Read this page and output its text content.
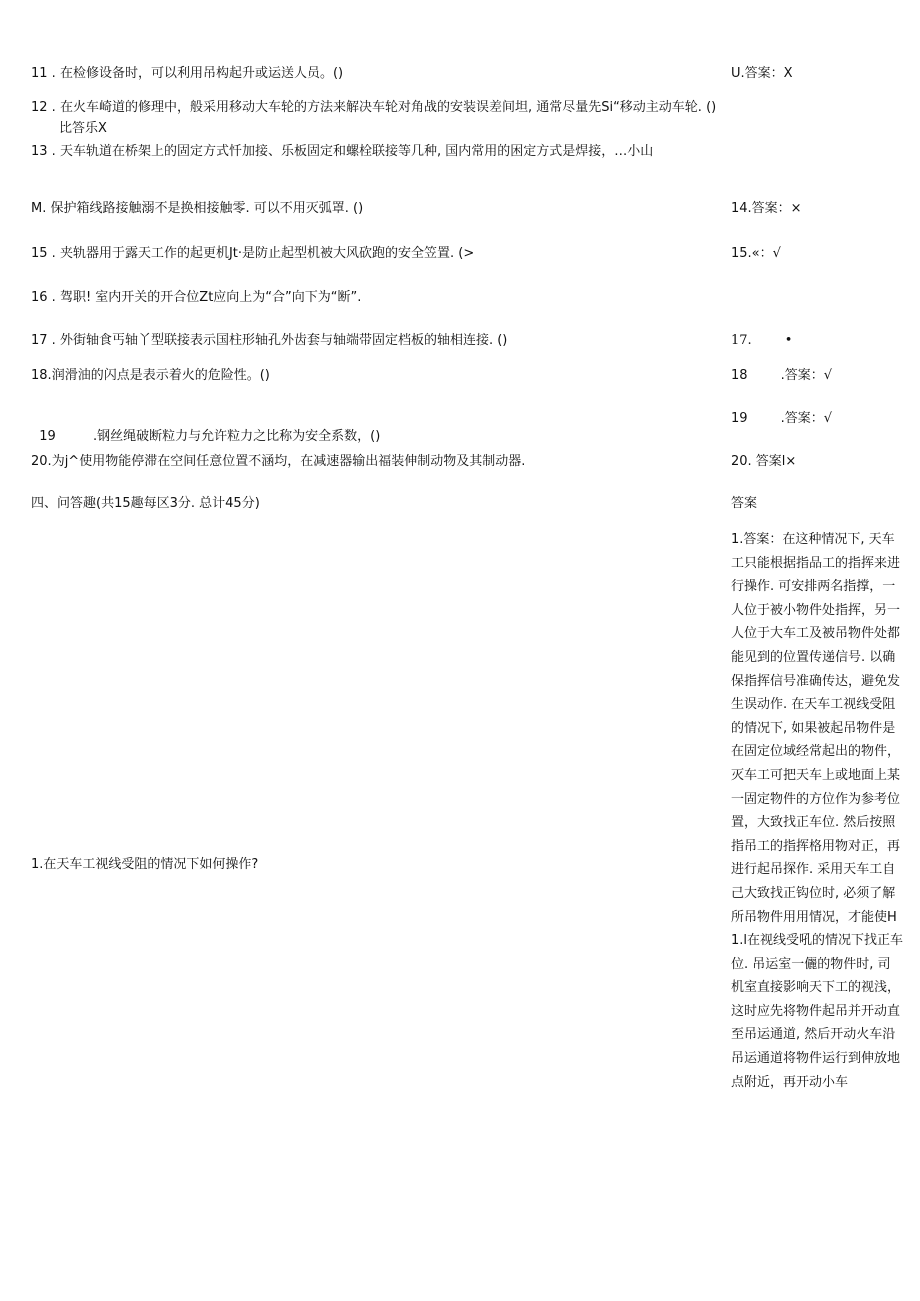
11 . 在检修设备时，可以利用吊构起升或运送人员。()	U.答案：X
12 . 在火车崎道的修理中，般采用移动大车轮的方法来解决车轮对角战的安装误差间坦, 通常尽量先Si“移动主动车轮. ()
比答乐X
13 . 天车轨道在桥架上的固定方式忏加接、乐板固定和螺栓联接等几种, 国内常用的困定方式是焊接，…小山
M. 保护箱线路接触溺不是换相接触零. 可以不用灭弧罩. ()	14.答案：×
15 . 夹轨器用于露天工作的起更机Jt·是防止起型机被大风砍跑的安全笠置. (>	15.«：√
16 . 驾职! 室内开关的开合位Zt应向上为“合”向下为“断”.
17 . 外街轴食丐轴丫型联接表示国柱形轴孔外齿套与轴端带固定档板的轴相连接. ()	17.        •
18.润滑油的闪点是表示着火的危险性。()	18        .答案：√

19         .钢丝绳破断粒力与允许粒力之比称为安全系数，()

19        .答案：√
20.为j^使用物能停滞在空间任意位置不涵均，在减速器输出福装伸制动物及其制动器.	20. 答案l×
四、问答趣(共15趣每区3分. 总计45分)	答案
1.在天车工视线受阻的情况下如何操作?
1.答案：在这种情况下, 天车工只能根据指品工的指挥来进行操作. 可安排两名指撑，一人位于被小物件处指挥，另一人位于大车工及被吊物件处都能见到的位置传递信号. 以确保指挥信号准确传达，避免发生误动作. 在天车工视线受阻的情况下, 如果被起吊物件是在固定位域经常起出的物件，灭车工可把天车上或地面上某一固定物件的方位作为参考位置，大致找正车位. 然后按照指吊工的指挥格用物对正，再进行起吊探作. 采用天车工自己大致找正钩位时, 必须了解所吊物件用用情况，才能使H1.l在视线受吼的情况下找正车位. 吊运室一儷的物件时, 司机室直接影响天下工的视浅，这时应先将物件起吊并开动直至吊运通道, 然后开动火车沿吊运通道将物件运行到伸放地点附近，再开动小车
